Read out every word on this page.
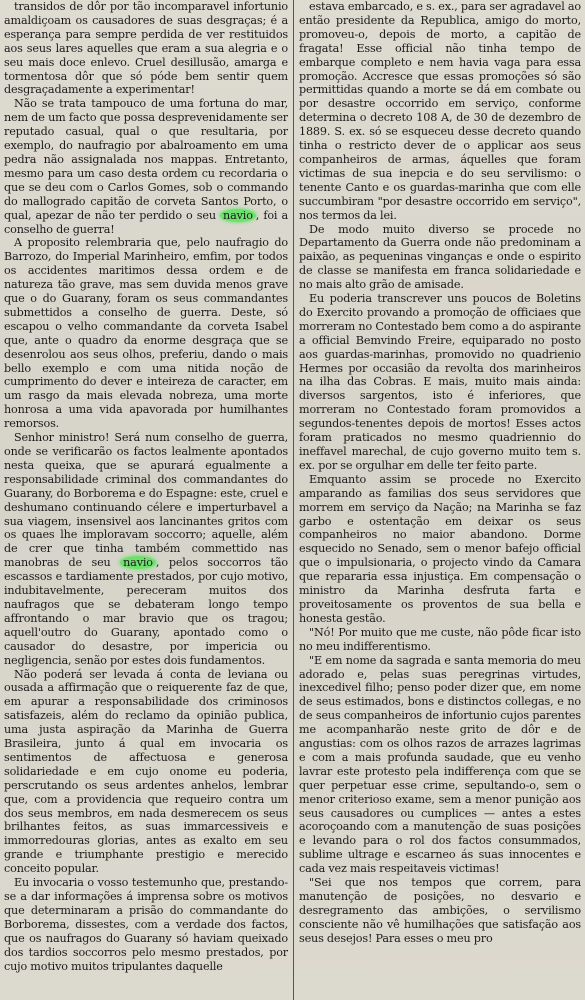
transidos de dôr por tão incomparavel infortunio amaldiçoam os causadores de suas desgraças; é a esperança para sempre perdida de ver restituidos aos seus lares aquelles que eram a sua alegria e o seu mais doce enlevo. Cruel desillusão, amarga e tormentosa dôr que só póde bem sentir quem desgraçadamente a experimentar!

Não se trata tampouco de uma fortuna do mar, nem de um facto que possa desprevenidamente ser reputado casual, qual o que resultaria, por exemplo, do naufragio por abalroamento em uma pedra não assignalada nos mappas. Entretanto, mesmo para um caso desta ordem cu recordaria o que se deu com o Carlos Gomes, sob o commando do mallogrado capitão de corveta Santos Porto, o qual, apezar de não ter perdido o seu navio , foi a conselho de guerra!

A proposito relembraria que, pelo naufragio do Barrozo, do Imperial Marinheiro, emfim, por todos os accidentes maritimos dessa ordem e de natureza tão grave, mas sem duvida menos grave que o do Guarany, foram os seus commandantes submettidos a conselho de guerra. Deste, só escapou o velho commandante da corveta Isabel que, ante o quadro da enorme desgraça que se desenrolou aos seus olhos, preferiu, dando o mais bello exemplo e com uma nitida noção de cumprimento do dever e inteireza de caracter, em um rasgo da mais elevada nobreza, uma morte honrosa a uma vida apavorada por humilhantes remorsos.

Senhor ministro! Será num conselho de guerra, onde se verificarão os factos lealmente apontados nesta queixa, que se apurará egualmente a responsabilidade criminal dos commandantes do Guarany, do Borborema e do Espagne: este, cruel e deshumano continuando célere e imperturbavel a sua viagem, insensivel aos lancinantes gritos com os quaes lhe imploravam soccorro; aquelle, além de crer que tinha também commettido nas manobras de seu navio , pelos soccorros tão escassos e tardiamente prestados, por cujo motivo, indubitavelmente, pereceram muitos dos naufragos que se debateram longo tempo affrontando o mar bravio que os tragou; aquell'outro do Guarany, apontado como o causador do desastre, por impericia ou negligencia, senão por estes dois fundamentos.

Não poderá ser levada á conta de leviana ou ousada a affirmação que o reiquerente faz de que, em apurar a responsabilidade dos criminosos satisfazeis, além do reclamo da opinião publica, uma justa aspiração da Marinha de Guerra Brasileira, junto á qual em invocaria os sentimentos de affectuosa e generosa solidariedade e em cujo onome eu poderia, perscrutando os seus ardentes anhelos, lembrar que, com a providencia que requeiro contra um dos seus membros, em nada desmerecem os seus brilhantes feitos, as suas immarcessiveis e immorredouras glorias, antes as exalto em seu grande e triumphante prestigio e merecido conceito popular.

Eu invocaria o vosso testemunho que, prestando-se a dar informações á imprensa sobre os motivos que determinaram a prisão do commandante do Borborema, dissestes, com a verdade dos factos, que os naufragos do Guarany só haviam queixado dos tardios soccorros pelo mesmo prestados, por cujo motivo muitos tripulantes daquelle

estava embarcado, e s. ex., para ser agradavel ao então presidente da Republica, amigo do morto, promoveu-o, depois de morto, a capitão de fragata! Esse official não tinha tempo de embarque completo e nem havia vaga para essa promoção. Accresce que essas promoções só são permittidas quando a morte se dá em combate ou por desastre occorrido em serviço, conforme determina o decreto 108 A, de 30 de dezembro de 1889. S. ex. só se esqueceu desse decreto quando tinha o restricto dever de o applicar aos seus companheiros de armas, áquelles que foram victimas de sua inepcia e do seu servilismo: o tenente Canto e os guardas-marinha que com elle succumbiram "por desastre occorrido em serviço", nos termos da lei.

De modo muito diverso se procede no Departamento da Guerra onde não predominam a paixão, as pequeninas vinganças e onde o espirito de classe se manifesta em franca solidariedade e no mais alto grão de amisade.

Eu poderia transcrever uns poucos de Boletins do Exercito provando a promoção de officiaes que morreram no Contestado bem como a do aspirante a official Bemvindo Freire, equiparado no posto aos guardas-marinhas, promovido no quadrienio Hermes por occasião da revolta dos marinheiros na ilha das Cobras. E mais, muito mais ainda: diversos sargentos, isto é inferiores, que morreram no Contestado foram promovidos a segundos-tenentes depois de mortos! Esses actos foram praticados no mesmo quadriennio do ineffavel marechal, de cujo governo muito tem s. ex. por se orgulhar em delle ter feito parte.

Emquanto assim se procede no Exercito amparando as familias dos seus servidores que morrem em serviço da Nação; na Marinha se faz garbo e ostentação em deixar os seus companheiros no maior abandono. Dorme esquecido no Senado, sem o menor bafejo official que o impulsionaria, o projecto vindo da Camara que repararia essa injustiça. Em compensação o ministro da Marinha desfruta farta e proveitosamente os proventos de sua bella e honesta gestão.

"Nó! Por muito que me custe, não pôde ficar isto no meu indifferentismo.

"E em nome da sagrada e santa memoria do meu adorado e, pelas suas peregrinas virtudes, inexcedivel filho; penso poder dizer que, em nome de seus estimados, bons e distinctos collegas, e no de seus companheiros de infortunio cujos parentes me acompanharão neste grito de dôr e de angustias: com os olhos razos de arrazes lagrimas e com a mais profunda saudade, que eu venho lavrar este protesto pela indifferença com que se quer perpetuar esse crime, sepultando-o, sem o menor criterioso exame, sem a menor punição aos seus causadores ou cumplices — antes a estes acoroçoando com a manutenção de suas posições e levando para o rol dos factos consummados, sublime ultrage e escarneo ás suas innocentes e cada vez mais respeitaveis victimas!

"Sei que nos tempos que correm, para manutenção de posições, no desvario e desregramento das ambições, o servilismo consciente não vê humilhações que satisfação aos seus desejos! Para esses o meu pro
